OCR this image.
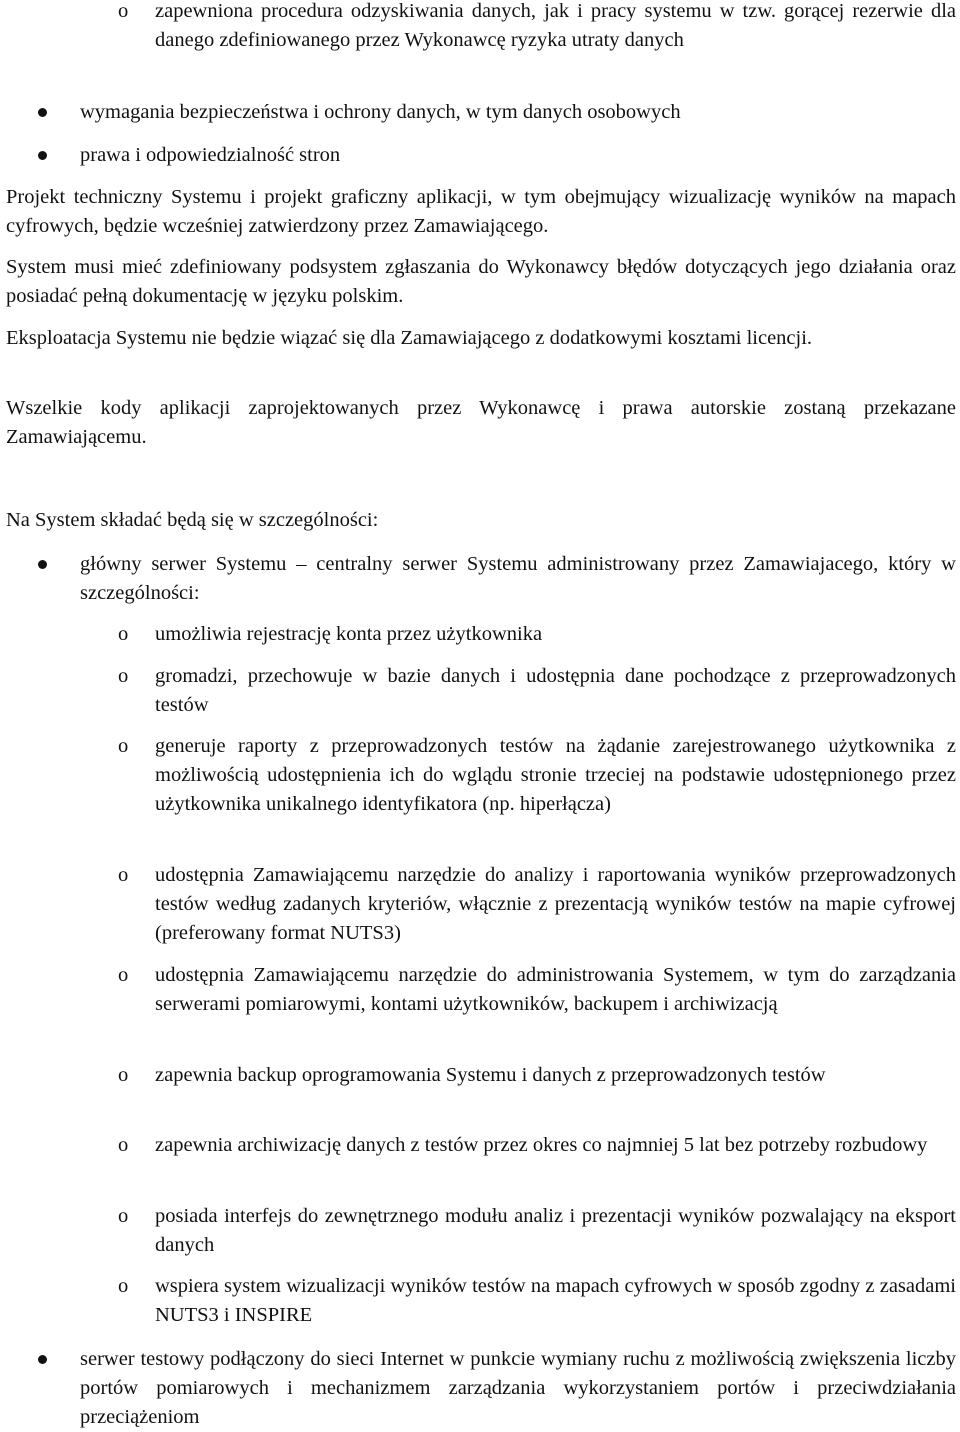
o	zapewniona procedura odzyskiwania danych, jak i pracy systemu w tzw. gorącej rezerwie dla danego zdefiniowanego przez Wykonawcę ryzyka utraty danych

wymagania bezpieczeństwa i ochrony danych, w tym danych osobowych

prawa i odpowiedzialność stron

Projekt techniczny Systemu i projekt graficzny aplikacji, w tym obejmujący wizualizację wyników na mapach cyfrowych, będzie wcześniej zatwierdzony przez Zamawiającego.

System musi mieć zdefiniowany podsystem zgłaszania do Wykonawcy błędów dotyczących jego działania oraz posiadać pełną dokumentację w języku polskim.

Eksploatacja Systemu nie będzie wiązać się dla Zamawiającego z dodatkowymi kosztami licencji.

Wszelkie kody aplikacji zaprojektowanych przez Wykonawcę i prawa autorskie zostaną przekazane Zamawiającemu.

Na System składać będą się w szczególności:

główny serwer Systemu – centralny serwer Systemu administrowany przez Zamawiajacego, który w szczególności:

o	umożliwia rejestrację konta przez użytkownika

o	gromadzi, przechowuje w bazie danych i udostępnia dane pochodzące z przeprowadzonych testów

o	generuje raporty z przeprowadzonych testów na żądanie zarejestrowanego użytkownika z możliwością udostępnienia ich do wglądu stronie trzeciej na podstawie udostępnionego przez użytkownika unikalnego identyfikatora (np. hiperłącza)

o	udostępnia Zamawiającemu narzędzie do analizy i raportowania wyników przeprowadzonych testów według zadanych kryteriów, włącznie z prezentacją wyników testów na mapie cyfrowej (preferowany format NUTS3)

o	udostępnia Zamawiającemu narzędzie do administrowania Systemem, w tym do zarządzania serwerami pomiarowymi, kontami użytkowników, backupem i archiwizacją

o	zapewnia backup oprogramowania Systemu i danych z przeprowadzonych testów

o	zapewnia archiwizację danych z testów przez okres co najmniej 5 lat bez potrzeby rozbudowy

o	posiada interfejs do zewnętrznego modułu analiz i prezentacji wyników pozwalający na eksport danych

o	wspiera system wizualizacji wyników testów na mapach cyfrowych w sposób zgodny z zasadami NUTS3 i INSPIRE

serwer testowy podłączony do sieci Internet w punkcie wymiany ruchu z możliwością zwiększenia liczby portów pomiarowych i mechanizmem zarządzania wykorzystaniem portów i przeciwdziałania przeciążeniom
